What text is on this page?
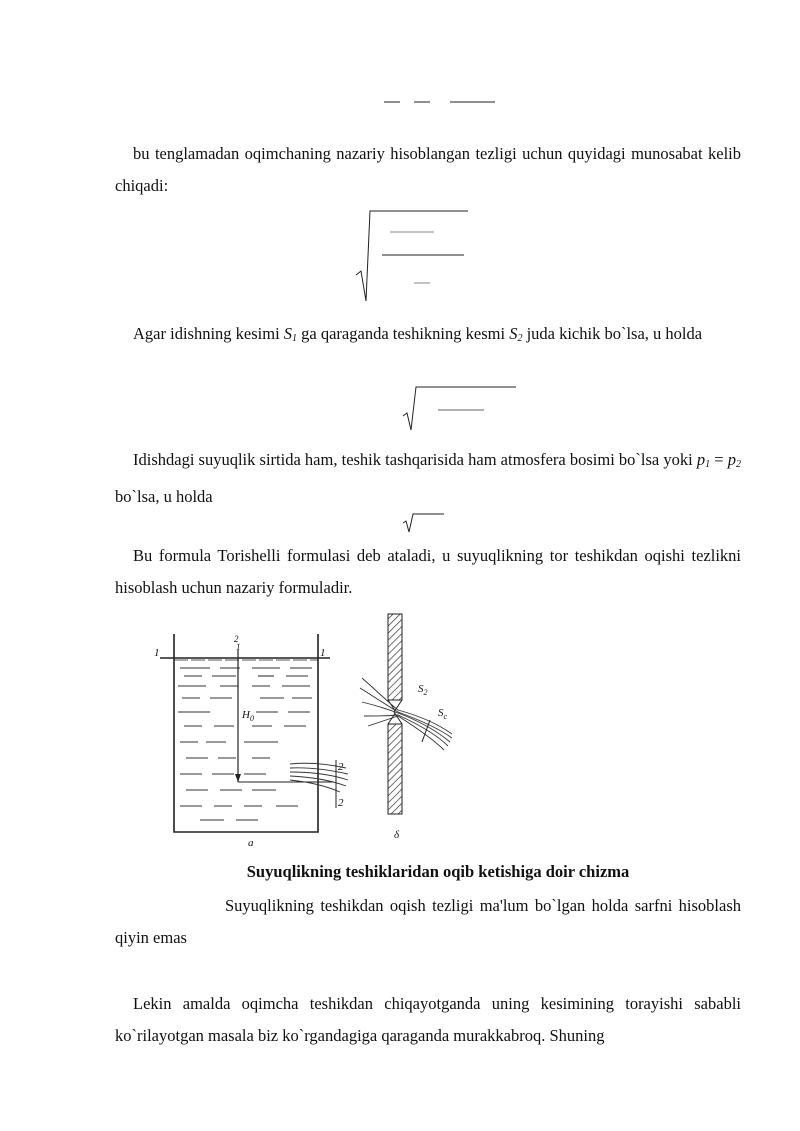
bu tenglamadan oqimchaning nazariy hisoblangan tezligi uchun quyidagi munosabat kelib chiqadi:

Agar idishning kesimi $S_1$ ga qaraganda teshikning kesmi $S_2$ juda kichik bo`lsa, u holda

Idishdagi suyuqlik sirtida ham, teshik tashqarisida ham atmosfera bosimi bo`lsa yoki $p_1 = p_2$ bo`lsa, u holda

Bu formula Torishelli formulasi deb ataladi, u suyuqlikning tor teshikdan oqishi tezlikni hisoblash uchun nazariy formuladir.

1	1
2
1
$H_0$
2
2
a
$S_2$
$S_c$
δ

Suyuqlikning teshiklaridan oqib ketishiga doir chizma

Suyuqlikning teshikdan oqish tezligi ma'lum bo`lgan holda sarfni hisoblash qiyin emas

Lekin amalda oqimcha teshikdan chiqayotganda uning kesimining torayishi sababli ko`rilayotgan masala biz ko`rgandagiga qaraganda murakkabroq. Shuning
